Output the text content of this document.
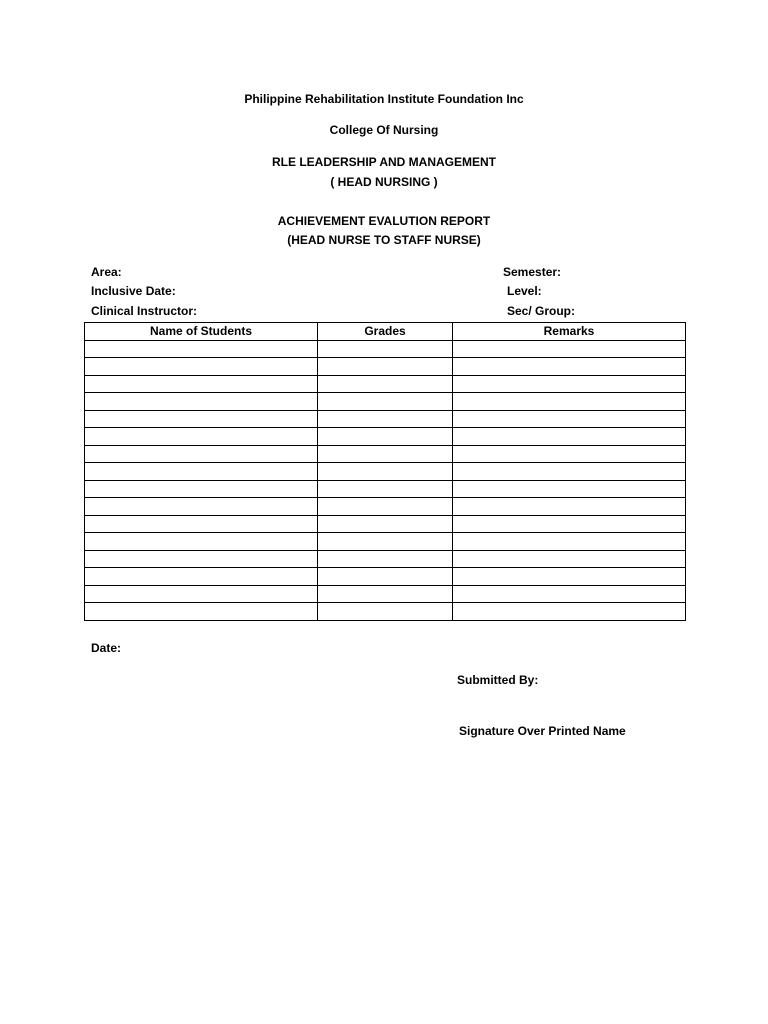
Philippine Rehabilitation Institute Foundation Inc
College Of Nursing
RLE LEADERSHIP AND MANAGEMENT
( HEAD NURSING )
ACHIEVEMENT EVALUTION REPORT
(HEAD NURSE TO STAFF NURSE)
Area:
Inclusive Date:
Clinical Instructor:
Semester:
Level:
Sec/ Group:
Name of Students	Grades	Remarks

Date:
Submitted By:
Signature Over Printed Name
